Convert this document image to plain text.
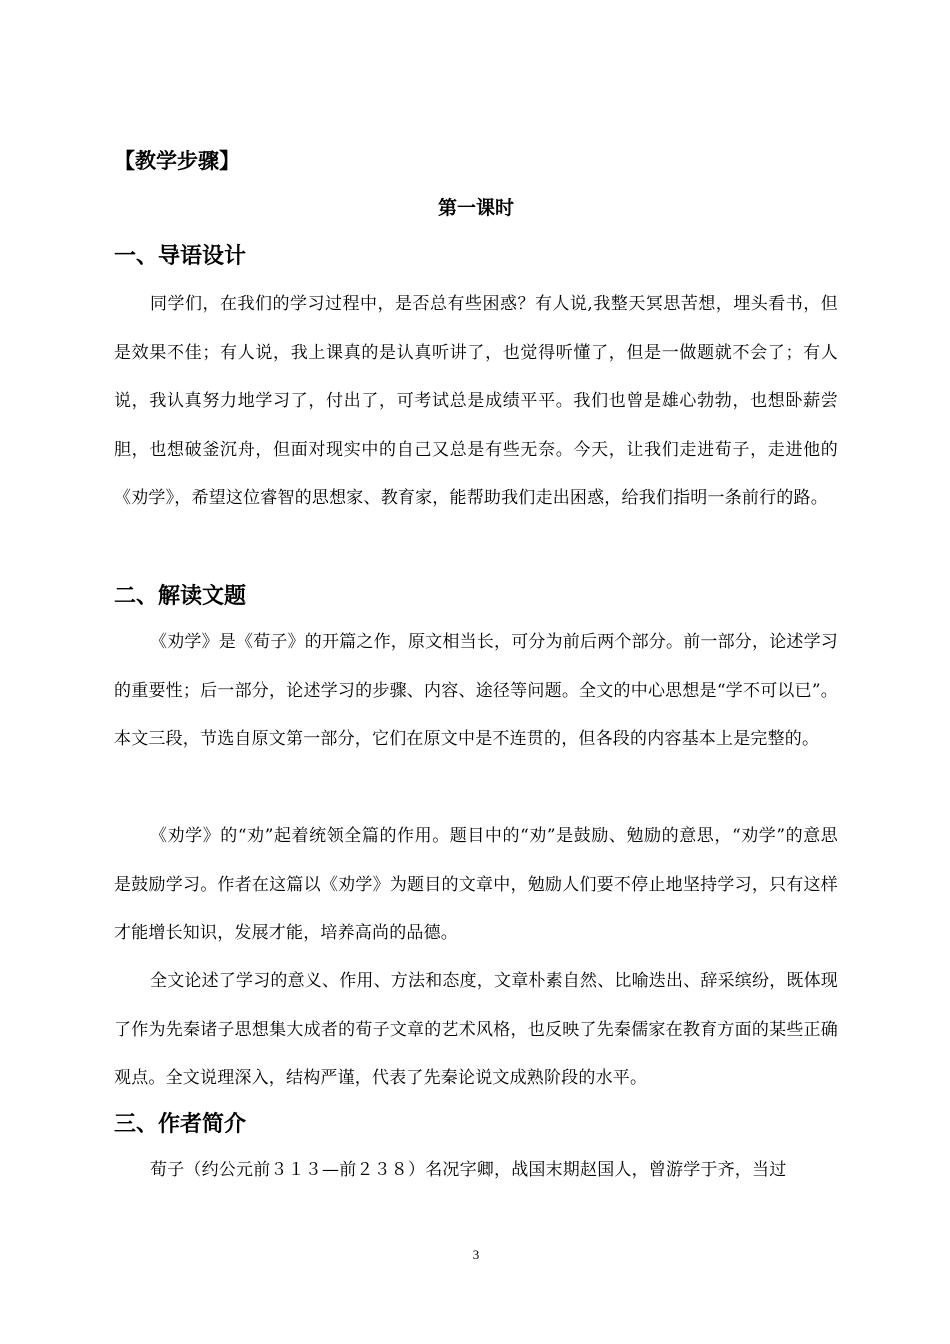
【教学步骤】

第一课时

一、导语设计

同学们，在我们的学习过程中，是否总有些困惑？有人说,我整天冥思苦想，埋头看书，但是效果不佳；有人说，我上课真的是认真听讲了，也觉得听懂了，但是一做题就不会了；有人说，我认真努力地学习了，付出了，可考试总是成绩平平。我们也曾是雄心勃勃，也想卧薪尝胆，也想破釜沉舟，但面对现实中的自己又总是有些无奈。今天，让我们走进荀子，走进他的《劝学》，希望这位睿智的思想家、教育家，能帮助我们走出困惑，给我们指明一条前行的路。

二、解读文题

《劝学》是《荀子》的开篇之作，原文相当长，可分为前后两个部分。前一部分，论述学习的重要性；后一部分，论述学习的步骤、内容、途径等问题。全文的中心思想是“学不可以已”。本文三段，节选自原文第一部分，它们在原文中是不连贯的，但各段的内容基本上是完整的。

《劝学》的“劝”起着统领全篇的作用。题目中的“劝”是鼓励、勉励的意思，“劝学”的意思是鼓励学习。作者在这篇以《劝学》为题目的文章中，勉励人们要不停止地坚持学习，只有这样才能增长知识，发展才能，培养高尚的品德。

全文论述了学习的意义、作用、方法和态度，文章朴素自然、比喻迭出、辞采缤纷，既体现了作为先秦诸子思想集大成者的荀子文章的艺术风格，也反映了先秦儒家在教育方面的某些正确观点。全文说理深入，结构严谨，代表了先秦论说文成熟阶段的水平。

三、作者简介

荀子（约公元前３１３—前２３８）名况字卿，战国末期赵国人，曾游学于齐，当过

3
